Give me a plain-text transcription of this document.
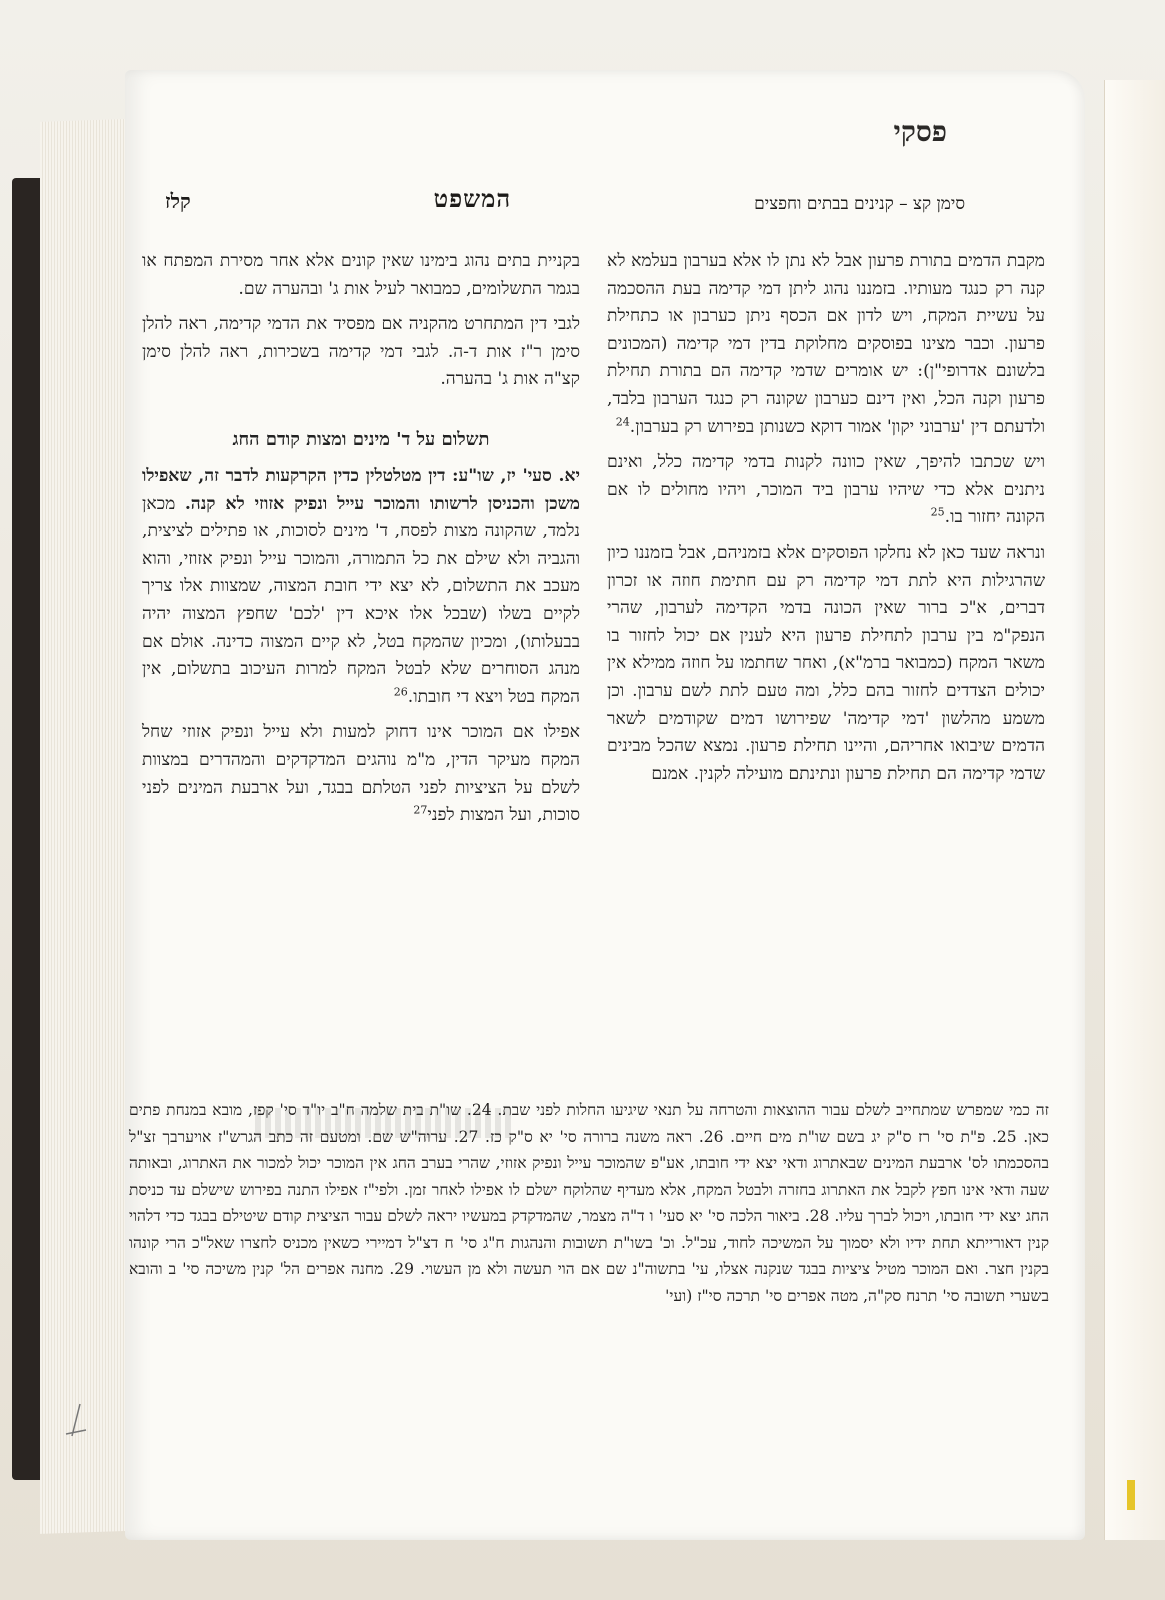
פסקי
סימן קצ – קנינים בבתים וחפצים
המשפט
קלז

מקבת הדמים בתורת פרעון אבל לא נתן לו אלא בערבון בעלמא לא קנה רק כנגד מעותיו. בזמננו נהוג ליתן דמי קדימה בעת ההסכמה על עשיית המקח, ויש לדון אם הכסף ניתן כערבון או כתחילת פרעון. וכבר מצינו בפוסקים מחלוקת בדין דמי קדימה (המכונים בלשונם אדרופי"ן): יש אומרים שדמי קדימה הם בתורת תחילת פרעון וקנה הכל, ואין דינם כערבון שקונה רק כנגד הערבון בלבד, ולדעתם דין 'ערבוני יקון' אמור דוקא כשנותן בפירוש רק בערבון.$^{24}$

ויש שכתבו להיפך, שאין כוונה לקנות בדמי קדימה כלל, ואינם ניתנים אלא כדי שיהיו ערבון ביד המוכר, ויהיו מחולים לו אם הקונה יחזור בו.$^{25}$

ונראה שעד כאן לא נחלקו הפוסקים אלא בזמניהם, אבל בזמננו כיון שהרגילות היא לתת דמי קדימה רק עם חתימת חוזה או זכרון דברים, א"כ ברור שאין הכונה בדמי הקדימה לערבון, שהרי הנפק"מ בין ערבון לתחילת פרעון היא לענין אם יכול לחזור בו משאר המקח (כמבואר ברמ"א), ואחר שחתמו על חוזה ממילא אין יכולים הצדדים לחזור בהם כלל, ומה טעם לתת לשם ערבון. וכן משמע מהלשון 'דמי קדימה' שפירושו דמים שקודמים לשאר הדמים שיבואו אחריהם, והיינו תחילת פרעון. נמצא שהכל מבינים שדמי קדימה הם תחילת פרעון ונתינתם מועילה לקנין. אמנם

בקניית בתים נהוג בימינו שאין קונים אלא אחר מסירת המפתח או בגמר התשלומים, כמבואר לעיל אות ג' ובהערה שם.

לגבי דין המתחרט מהקניה אם מפסיד את הדמי קדימה, ראה להלן סימן ר"ז אות ד-ה. לגבי דמי קדימה בשכירות, ראה להלן סימן קצ"ה אות ג' בהערה.

תשלום על ד' מינים ומצות קודם החג

יא. סעי' יז, שו"ע: דין מטלטלין כדין הקרקעות לדבר זה, שאפילו משכן והכניסן לרשותו והמוכר עייל ונפיק אזוזי לא קנה. מכאן נלמד, שהקונה מצות לפסח, ד' מינים לסוכות, או פתילים לציצית, והגביה ולא שילם את כל התמורה, והמוכר עייל ונפיק אזוזי, והוא מעכב את התשלום, לא יצא ידי חובת המצוה, שמצוות אלו צריך לקיים בשלו (שבכל אלו איכא דין 'לכם' שחפץ המצוה יהיה בבעלותו), ומכיון שהמקח בטל, לא קיים המצוה כדינה. אולם אם מנהג הסוחרים שלא לבטל המקח למרות העיכוב בתשלום, אין המקח בטל ויצא די חובתו.$^{26}$

אפילו אם המוכר אינו דחוק למעות ולא עייל ונפיק אזוזי שחל המקח מעיקר הדין, מ"מ נוהגים המדקדקים והמהדרים במצוות לשלם על הציציות לפני הטלתם בבגד, ועל ארבעת המינים לפני סוכות, ועל המצות לפני$^{27}$

זה כמי שמפרש שמתחייב לשלם עבור ההוצאות והטרחה על תנאי שיגיעו החלות לפני שבת. 24. שו"ת בית שלמה ח"ב יו"ד סי' קפז, מובא במנחת פתים כאן. 25. פ"ת סי' רז ס"ק יג בשם שו"ת מים חיים. 26. ראה משנה ברורה סי' יא ס"ק כז. 27. ערוה"ש שם. ומטעם זה כתב הגרש"ז אויערבך זצ"ל בהסכמתו לס' ארבעת המינים שבאתרוג ודאי יצא ידי חובתו, אע"פ שהמוכר עייל ונפיק אזוזי, שהרי בערב החג אין המוכר יכול למכור את האתרוג, ובאותה שעה ודאי אינו חפץ לקבל את האתרוג בחזרה ולבטל המקח, אלא מעדיף שהלוקח ישלם לו אפילו לאחר זמן. ולפי"ז אפילו התנה בפירוש שישלם עד כניסת החג יצא ידי חובתו, ויכול לברך עליו. 28. ביאור הלכה סי' יא סעי' ו ד"ה מצמר, שהמדקדק במעשיו יראה לשלם עבור הציצית קודם שיטילם בבגד כדי דלהוי קנין דאורייתא תחת ידיו ולא יסמוך על המשיכה לחוד, עכ"ל. וכ' בשו"ת תשובות והנהגות ח"ג סי' ח דצ"ל דמיירי כשאין מכניס לחצרו שאל"כ הרי קונהו בקנין חצר. ואם המוכר מטיל ציציות בבגד שנקנה אצלו, עי' בתשוה"נ שם אם הוי תעשה ולא מן העשוי. 29. מחנה אפרים הל' קנין משיכה סי' ב והובא בשערי תשובה סי' תרנח סק"ה, מטה אפרים סי' תרכה סי"ז (ועי'
